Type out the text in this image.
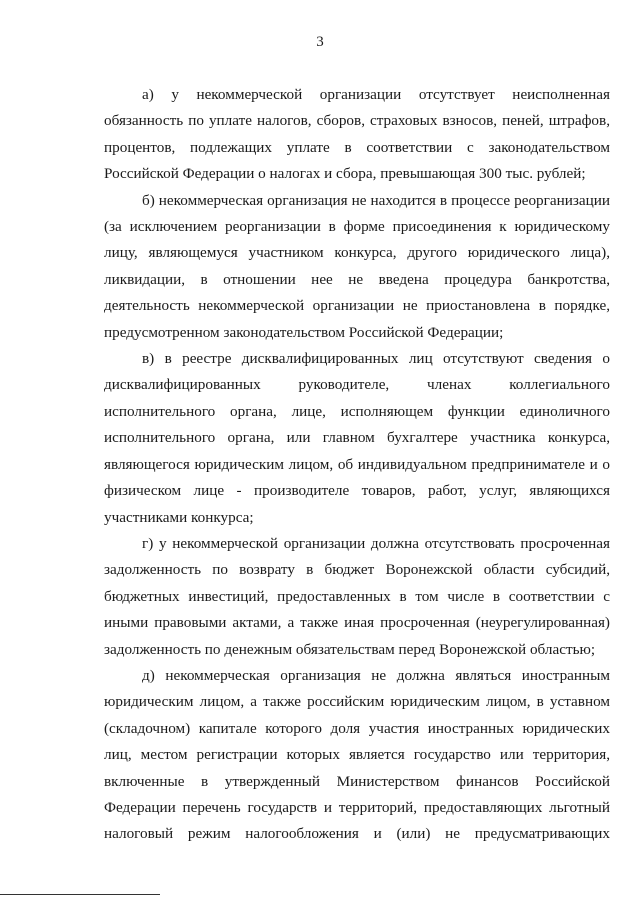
3

а) у некоммерческой организации отсутствует неисполненная обязанность по уплате налогов, сборов, страховых взносов, пеней, штрафов, процентов, подлежащих уплате в соответствии с законодательством Российской Федерации о налогах и сбора, превышающая 300 тыс. рублей;

б) некоммерческая организация не находится в процессе реорганизации (за исключением реорганизации в форме присоединения к юридическому лицу, являющемуся участником конкурса, другого юридического лица), ликвидации, в отношении нее не введена процедура банкротства, деятельность некоммерческой организации не приостановлена в порядке, предусмотренном законодательством Российской Федерации;

в) в реестре дисквалифицированных лиц отсутствуют сведения о дисквалифицированных руководителе, членах коллегиального исполнительного органа, лице, исполняющем функции единоличного исполнительного органа, или главном бухгалтере участника конкурса, являющегося юридическим лицом, об индивидуальном предпринимателе и о физическом лице - производителе товаров, работ, услуг, являющихся участниками конкурса;

г) у некоммерческой организации должна отсутствовать просроченная задолженность по возврату в бюджет Воронежской области субсидий, бюджетных инвестиций, предоставленных в том числе в соответствии с иными правовыми актами, а также иная просроченная (неурегулированная) задолженность по денежным обязательствам перед Воронежской областью;

д) некоммерческая организация не должна являться иностранным юридическим лицом, а также российским юридическим лицом, в уставном (складочном) капитале которого доля участия иностранных юридических лиц, местом регистрации которых является государство или территория, включенные в утвержденный Министерством финансов Российской Федерации перечень государств и территорий, предоставляющих льготный налоговый режим налогообложения и (или) не предусматривающих
